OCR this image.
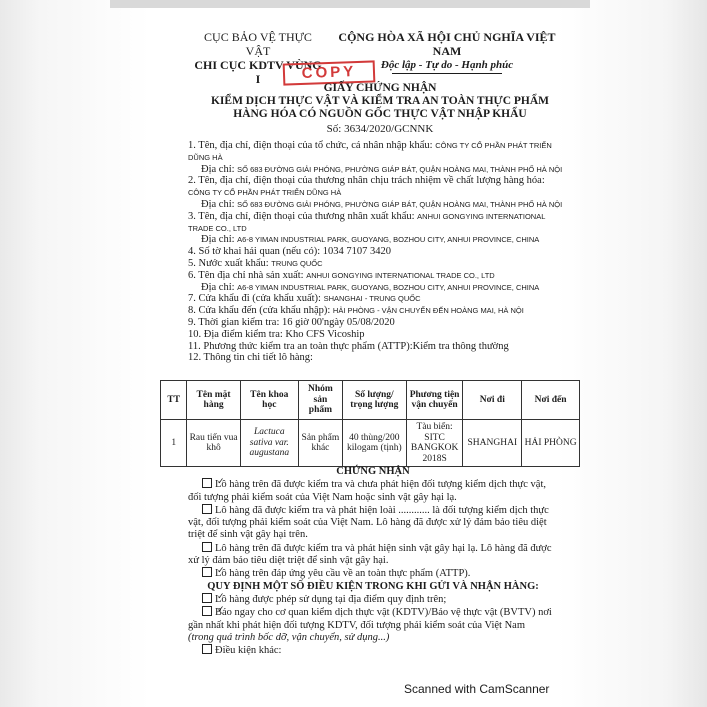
CỤC BẢO VỆ THỰC VẬT
CHI CỤC KDTV VÙNG I
CỘNG HÒA XÃ HỘI CHỦ NGHĨA VIỆT NAM
Độc lập - Tự do - Hạnh phúc
COPY
GIẤY CHỨNG NHẬN
KIỂM DỊCH THỰC VẬT VÀ KIỂM TRA AN TOÀN THỰC PHẨM
HÀNG HÓA CÓ NGUỒN GỐC THỰC VẬT NHẬP KHẨU
Số: 3634/2020/GCNNK
1. Tên, địa chỉ, điện thoại của tổ chức, cá nhân nhập khẩu: CÔNG TY CỔ PHẦN PHÁT TRIỂN
DŨNG HÀ
Địa chỉ: SỐ 683 ĐƯỜNG GIẢI PHÓNG, PHƯỜNG GIÁP BÁT, QUẬN HOÀNG MAI, THÀNH PHỐ HÀ NỘI
2. Tên, địa chỉ, điện thoại của thương nhân chịu trách nhiệm về chất lượng hàng hóa:
CÔNG TY CỔ PHẦN PHÁT TRIỂN DŨNG HÀ
Địa chỉ: SỐ 683 ĐƯỜNG GIẢI PHÓNG, PHƯỜNG GIÁP BÁT, QUẬN HOÀNG MAI, THÀNH PHỐ HÀ NỘI
3. Tên, địa chỉ, điện thoại của thương nhân xuất khẩu: ANHUI GONGYING INTERNATIONAL
TRADE CO., LTD
Địa chỉ: A6-8 YIMAN INDUSTRIAL PARK, GUOYANG, BOZHOU CITY, ANHUI PROVINCE, CHINA
4. Số tờ khai hải quan (nếu có): 1034 7107 3420
5. Nước xuất khẩu: TRUNG QUỐC
6. Tên địa chỉ nhà sản xuất: ANHUI GONGYING INTERNATIONAL TRADE CO., LTD
Địa chỉ: A6-8 YIMAN INDUSTRIAL PARK, GUOYANG, BOZHOU CITY, ANHUI PROVINCE, CHINA
7. Cửa khẩu đi (cửa khẩu xuất): SHANGHAI - TRUNG QUỐC
8. Cửa khẩu đến (cửa khẩu nhập): HẢI PHÒNG - VẬN CHUYỂN ĐẾN HOÀNG MAI, HÀ NỘI
9. Thời gian kiểm tra: 16 giờ 00'ngày 05/08/2020
10. Địa điểm kiểm tra: Kho CFS Vicoship
11. Phương thức kiểm tra an toàn thực phẩm (ATTP):Kiểm tra thông thường
12. Thông tin chi tiết lô hàng:
TT	Tên mặt hàng	Tên khoa học	Nhóm sản phẩm	Số lượng/ trọng lượng	Phương tiện vận chuyển	Nơi đi	Nơi đến
1	Rau tiến vua khô	Lactuca sativa var. augustana	Sản phẩm khác	40 thùng/200 kilogam (tịnh)	Tàu biển: SITC BANGKOK 2018S	SHANGHAI	HẢI PHÒNG
CHỨNG NHẬN

✓Lô hàng trên đã được kiểm tra và chưa phát hiện đối tượng kiểm dịch thực vật, đối tượng phải kiểm soát của Việt Nam hoặc sinh vật gây hại lạ.

Lô hàng đã được kiểm tra và phát hiện loài ............ là đối tượng kiểm dịch thực vật, đối tượng phải kiểm soát của Việt Nam. Lô hàng đã được xử lý đảm bảo tiêu diệt triệt để sinh vật gây hại trên.

Lô hàng trên đã được kiểm tra và phát hiện sinh vật gây hại lạ. Lô hàng đã được xử lý đảm bảo tiêu diệt triệt để sinh vật gây hại.

✓Lô hàng trên đáp ứng yêu cầu về an toàn thực phẩm (ATTP).

QUY ĐỊNH MỘT SỐ ĐIỀU KIỆN TRONG KHI GỬI VÀ NHẬN HÀNG:

✓Lô hàng được phép sử dụng tại địa điểm quy định trên;

✓Báo ngay cho cơ quan kiểm dịch thực vật (KDTV)/Bảo vệ thực vật (BVTV) nơi gần nhất khi phát hiện đối tượng KDTV, đối tượng phải kiểm soát của Việt Nam

(trong quá trình bốc dỡ, vận chuyển, sử dụng...)

Điều kiện khác:

Scanned with CamScanner
